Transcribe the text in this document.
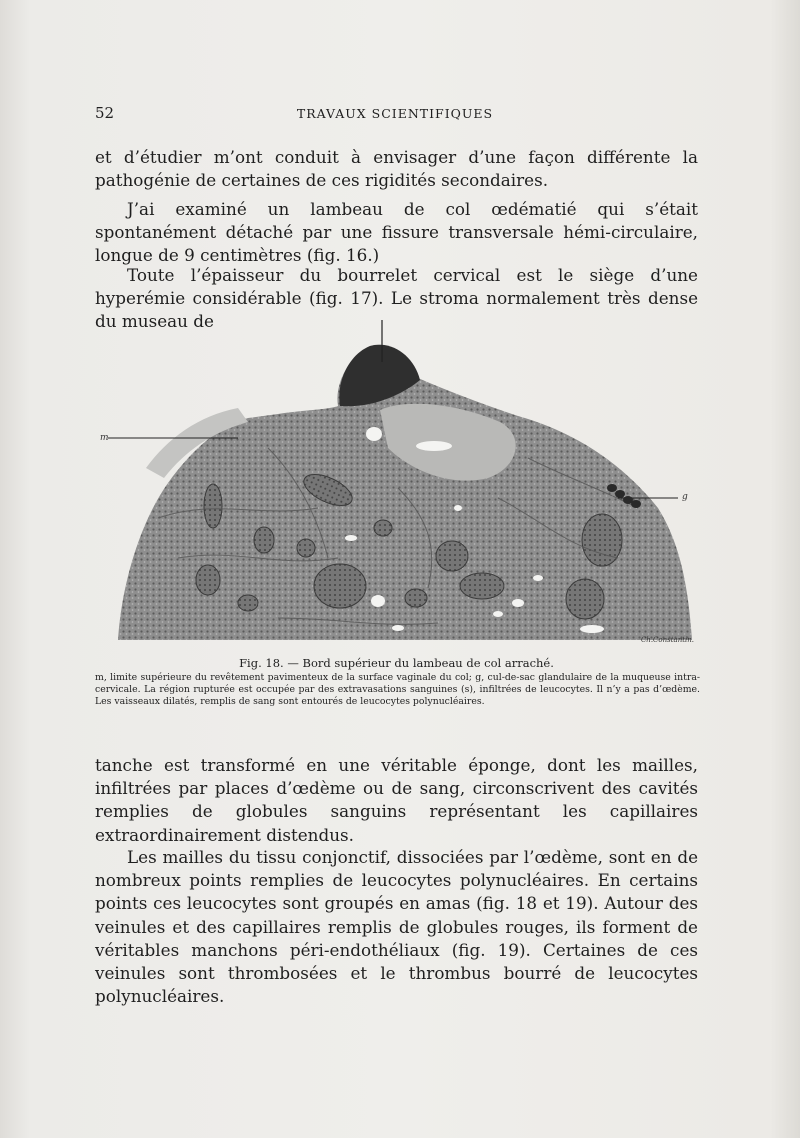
52	TRAVAUX SCIENTIFIQUES

et d’étudier m’ont conduit à envisager d’une façon différente la pathogénie de certaines de ces rigidités secondaires.

J’ai examiné un lambeau de col œdématié qui s’était spontanément détaché par une fissure transversale hémi-circulaire, longue de 9 centimètres (fig. 16.)

Toute l’épaisseur du bourrelet cervical est le siège d’une hyperémie considérable (fig. 17). Le stroma normalement très dense du museau de

m
g
Ch.Constantin.
Fig. 18. — Bord supérieur du lambeau de col arraché.

m, limite supérieure du revêtement pavimenteux de la surface vaginale du col; g, cul-de-sac glandulaire de la muqueuse intra-cervicale. La région rupturée est occupée par des extravasations sanguines (s), infiltrées de leucocytes. Il n’y a pas d’œdème. Les vaisseaux dilatés, remplis de sang sont entourés de leucocytes polynucléaires.

tanche est transformé en une véritable éponge, dont les mailles, infiltrées par places d’œdème ou de sang, circonscrivent des cavités remplies de globules sanguins représentant les capillaires extraordinairement distendus.

Les mailles du tissu conjonctif, dissociées par l’œdème, sont en de nombreux points remplies de leucocytes polynucléaires. En certains points ces leucocytes sont groupés en amas (fig. 18 et 19). Autour des veinules et des capillaires remplis de globules rouges, ils forment de véritables manchons péri-endothéliaux (fig. 19). Certaines de ces veinules sont thrombosées et le thrombus bourré de leucocytes polynucléaires.
